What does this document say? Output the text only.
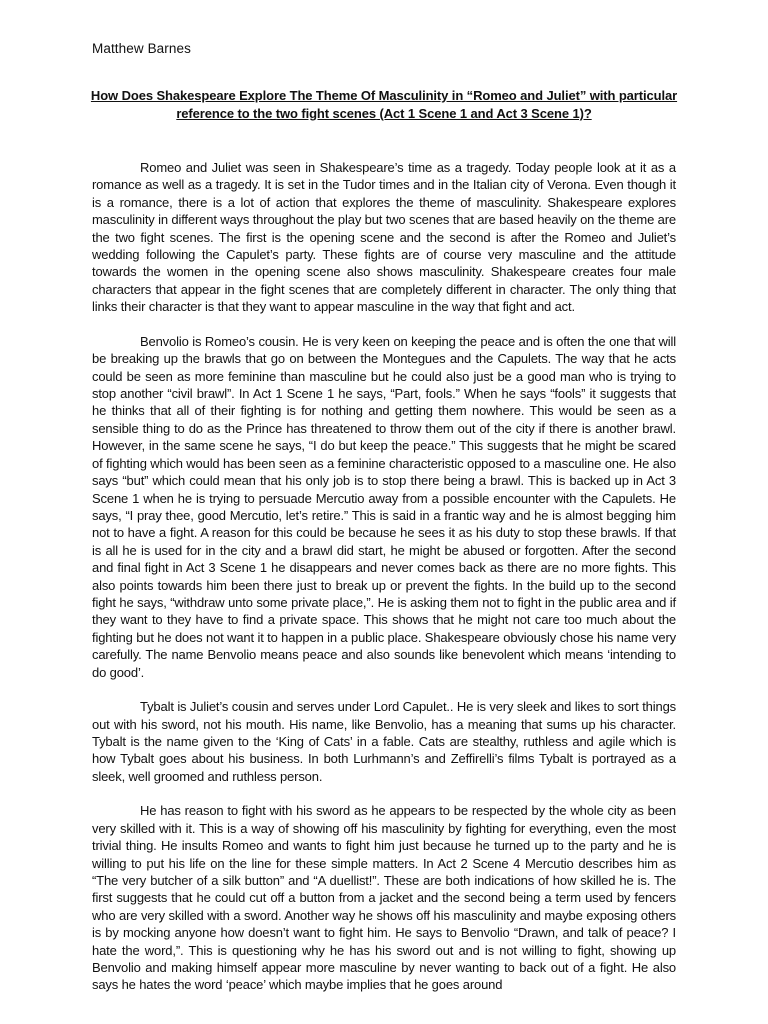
Matthew Barnes
How Does Shakespeare Explore The Theme Of Masculinity in “Romeo and Juliet” with particular reference to the two fight scenes (Act 1 Scene 1 and Act 3 Scene 1)?

Romeo and Juliet was seen in Shakespeare’s time as a tragedy. Today people look at it as a romance as well as a tragedy. It is set in the Tudor times and in the Italian city of Verona. Even though it is a romance, there is a lot of action that explores the theme of masculinity. Shakespeare explores masculinity in different ways throughout the play but two scenes that are based heavily on the theme are the two fight scenes. The first is the opening scene and the second is after the Romeo and Juliet’s wedding following the Capulet’s party. These fights are of course very masculine and the attitude towards the women in the opening scene also shows masculinity. Shakespeare creates four male characters that appear in the fight scenes that are completely different in character. The only thing that links their character is that they want to appear masculine in the way that fight and act.

Benvolio is Romeo’s cousin. He is very keen on keeping the peace and is often the one that will be breaking up the brawls that go on between the Montegues and the Capulets. The way that he acts could be seen as more feminine than masculine but he could also just be a good man who is trying to stop another “civil brawl”. In Act 1 Scene 1 he says, “Part, fools.” When he says “fools” it suggests that he thinks that all of their fighting is for nothing and getting them nowhere. This would be seen as a sensible thing to do as the Prince has threatened to throw them out of the city if there is another brawl. However, in the same scene he says, “I do but keep the peace.” This suggests that he might be scared of fighting which would has been seen as a feminine characteristic opposed to a masculine one. He also says “but” which could mean that his only job is to stop there being a brawl. This is backed up in Act 3 Scene 1 when he is trying to persuade Mercutio away from a possible encounter with the Capulets. He says, “I pray thee, good Mercutio, let’s retire.” This is said in a frantic way and he is almost begging him not to have a fight. A reason for this could be because he sees it as his duty to stop these brawls. If that is all he is used for in the city and a brawl did start, he might be abused or forgotten. After the second and final fight in Act 3 Scene 1 he disappears and never comes back as there are no more fights. This also points towards him been there just to break up or prevent the fights. In the build up to the second fight he says, “withdraw unto some private place,”. He is asking them not to fight in the public area and if they want to they have to find a private space. This shows that he might not care too much about the fighting but he does not want it to happen in a public place. Shakespeare obviously chose his name very carefully. The name Benvolio means peace and also sounds like benevolent which means ‘intending to do good’.

Tybalt is Juliet’s cousin and serves under Lord Capulet.. He is very sleek and likes to sort things out with his sword, not his mouth. His name, like Benvolio, has a meaning that sums up his character. Tybalt is the name given to the ‘King of Cats’ in a fable. Cats are stealthy, ruthless and agile which is how Tybalt goes about his business. In both Lurhmann’s and Zeffirelli’s films Tybalt is portrayed as a sleek, well groomed and ruthless person.

He has reason to fight with his sword as he appears to be respected by the whole city as been very skilled with it. This is a way of showing off his masculinity by fighting for everything, even the most trivial thing. He insults Romeo and wants to fight him just because he turned up to the party and he is willing to put his life on the line for these simple matters. In Act 2 Scene 4 Mercutio describes him as “The very butcher of a silk button” and “A duellist!”. These are both indications of how skilled he is. The first suggests that he could cut off a button from a jacket and the second being a term used by fencers who are very skilled with a sword. Another way he shows off his masculinity and maybe exposing others is by mocking anyone how doesn’t want to fight him. He says to Benvolio “Drawn, and talk of peace? I hate the word,”. This is questioning why he has his sword out and is not willing to fight, showing up Benvolio and making himself appear more masculine by never wanting to back out of a fight. He also says he hates the word ‘peace’ which maybe implies that he goes around
